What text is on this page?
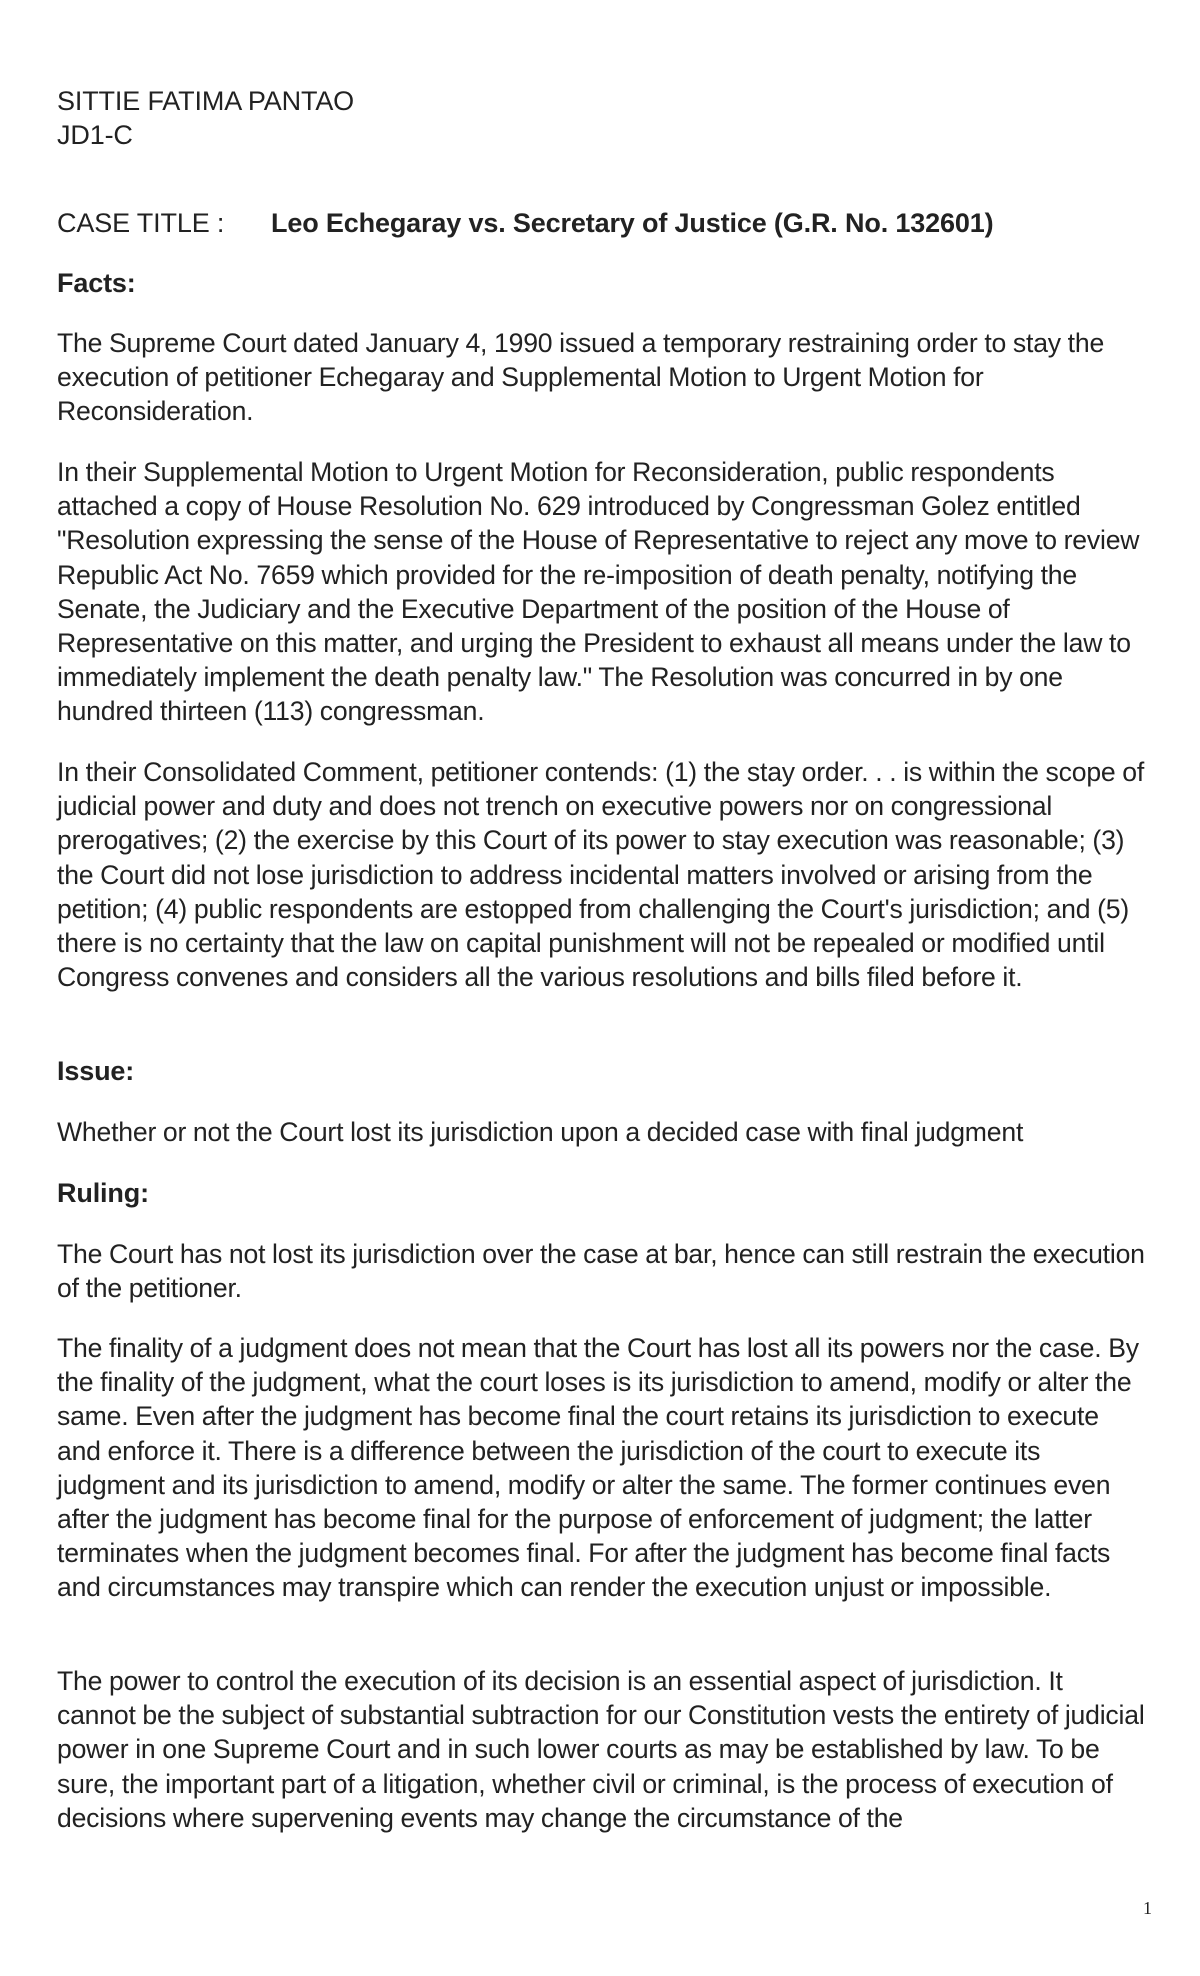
SITTIE FATIMA PANTAO
JD1-C
CASE TITLE : Leo Echegaray vs. Secretary of Justice (G.R. No. 132601)
Facts:

The Supreme Court dated January 4, 1990 issued a temporary restraining order to stay the execution of petitioner Echegaray and Supplemental Motion to Urgent Motion for Reconsideration.

In their Supplemental Motion to Urgent Motion for Reconsideration, public respondents attached a copy of House Resolution No. 629 introduced by Congressman Golez entitled "Resolution expressing the sense of the House of Representative to reject any move to review Republic Act No. 7659 which provided for the re-imposition of death penalty, notifying the Senate, the Judiciary and the Executive Department of the position of the House of Representative on this matter, and urging the President to exhaust all means under the law to immediately implement the death penalty law." The Resolution was concurred in by one hundred thirteen (113) congressman.

In their Consolidated Comment, petitioner contends: (1) the stay order. . . is within the scope of judicial power and duty and does not trench on executive powers nor on congressional prerogatives; (2) the exercise by this Court of its power to stay execution was reasonable; (3) the Court did not lose jurisdiction to address incidental matters involved or arising from the petition; (4) public respondents are estopped from challenging the Court's jurisdiction; and (5) there is no certainty that the law on capital punishment will not be repealed or modified until Congress convenes and considers all the various resolutions and bills filed before it.

Issue:

Whether or not the Court lost its jurisdiction upon a decided case with final judgment

Ruling:

The Court has not lost its jurisdiction over the case at bar, hence can still restrain the execution of the petitioner.

The finality of a judgment does not mean that the Court has lost all its powers nor the case. By the finality of the judgment, what the court loses is its jurisdiction to amend, modify or alter the same. Even after the judgment has become final the court retains its jurisdiction to execute and enforce it. There is a difference between the jurisdiction of the court to execute its judgment and its jurisdiction to amend, modify or alter the same. The former continues even after the judgment has become final for the purpose of enforcement of judgment; the latter terminates when the judgment becomes final. For after the judgment has become final facts and circumstances may transpire which can render the execution unjust or impossible.

The power to control the execution of its decision is an essential aspect of jurisdiction. It cannot be the subject of substantial subtraction for our Constitution vests the entirety of judicial power in one Supreme Court and in such lower courts as may be established by law. To be sure, the important part of a litigation, whether civil or criminal, is the process of execution of decisions where supervening events may change the circumstance of the

1
